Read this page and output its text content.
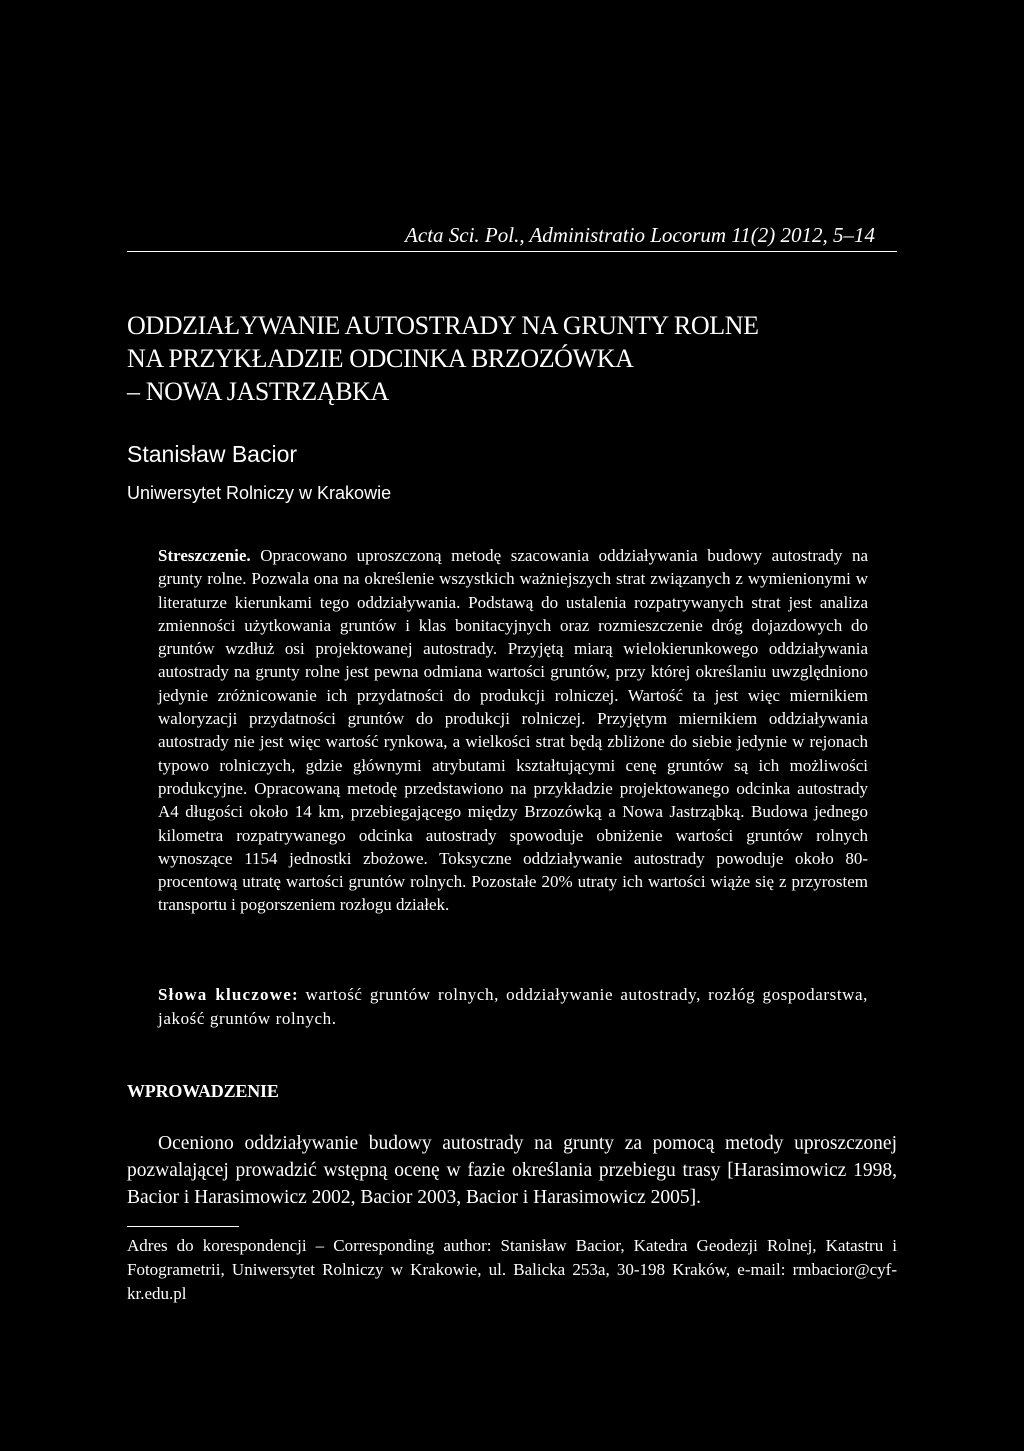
Acta Sci. Pol., Administratio Locorum 11(2) 2012, 5–14
ODDZIAŁYWANIE AUTOSTRADY NA GRUNTY ROLNE
NA PRZYKŁADZIE ODCINKA BRZOZÓWKA
– NOWA JASTRZĄBKA
Stanisław Bacior
Uniwersytet Rolniczy w Krakowie

Streszczenie. Opracowano uproszczoną metodę szacowania oddziaływania budowy autostrady na grunty rolne. Pozwala ona na określenie wszystkich ważniejszych strat związanych z wymienionymi w literaturze kierunkami tego oddziaływania. Podstawą do ustalenia rozpatrywanych strat jest analiza zmienności użytkowania gruntów i klas bonitacyjnych oraz rozmieszczenie dróg dojazdowych do gruntów wzdłuż osi projektowanej autostrady. Przyjętą miarą wielokierunkowego oddziaływania autostrady na grunty rolne jest pewna odmiana wartości gruntów, przy której określaniu uwzględniono jedynie zróżnicowanie ich przydatności do produkcji rolniczej. Wartość ta jest więc miernikiem waloryzacji przydatności gruntów do produkcji rolniczej. Przyjętym miernikiem oddziaływania autostrady nie jest więc wartość rynkowa, a wielkości strat będą zbliżone do siebie jedynie w rejonach typowo rolniczych, gdzie głównymi atrybutami kształtującymi cenę gruntów są ich możliwości produkcyjne. Opracowaną metodę przedstawiono na przykładzie projektowanego odcinka autostrady A4 długości około 14 km, przebiegającego między Brzozówką a Nowa Jastrząbką. Budowa jednego kilometra rozpatrywanego odcinka autostrady spowoduje obniżenie wartości gruntów rolnych wynoszące 1154 jednostki zbożowe. Toksyczne oddziaływanie autostrady powoduje około 80-procentową utratę wartości gruntów rolnych. Pozostałe 20% utraty ich wartości wiąże się z przyrostem transportu i pogorszeniem rozłogu działek.

Słowa kluczowe: wartość gruntów rolnych, oddziaływanie autostrady, rozłóg gospodarstwa, jakość gruntów rolnych.

WPROWADZENIE

Oceniono oddziaływanie budowy autostrady na grunty za pomocą metody uproszczonej pozwalającej prowadzić wstępną ocenę w fazie określania przebiegu trasy [Harasimowicz 1998, Bacior i Harasimowicz 2002, Bacior 2003, Bacior i Harasimowicz 2005].

Adres do korespondencji – Corresponding author: Stanisław Bacior, Katedra Geodezji Rolnej, Katastru i Fotogrametrii, Uniwersytet Rolniczy w Krakowie, ul. Balicka 253a, 30-198 Kraków, e-mail: rmbacior@cyf-kr.edu.pl
